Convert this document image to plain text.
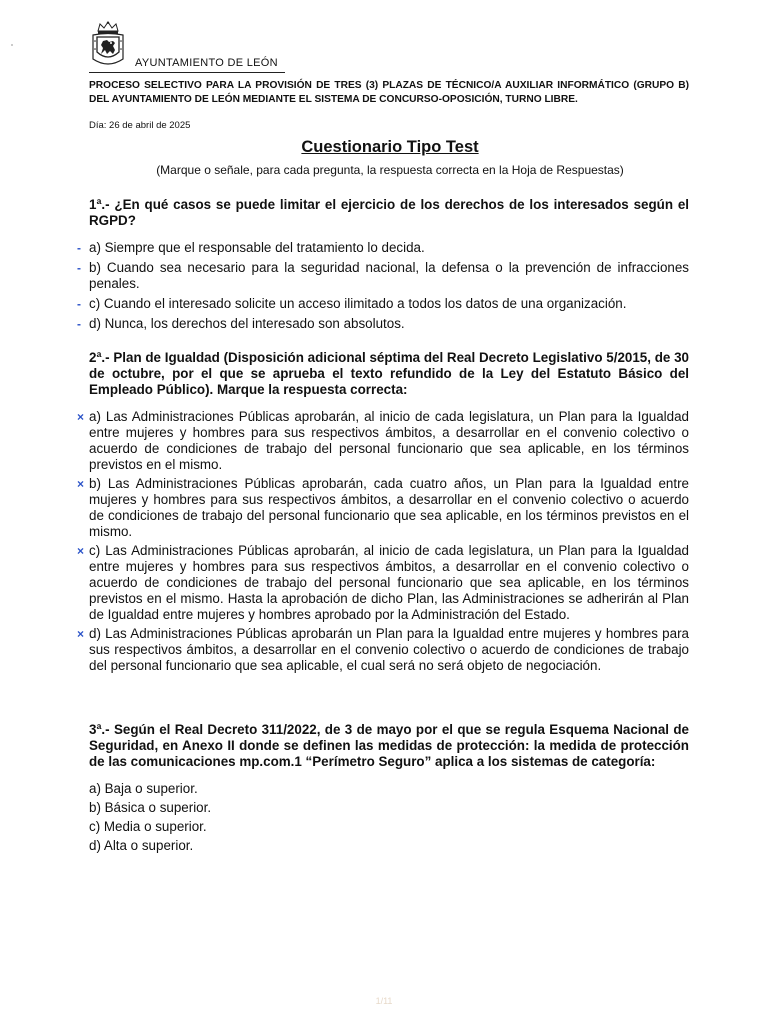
AYUNTAMIENTO DE LEÓN
PROCESO SELECTIVO PARA LA PROVISIÓN DE TRES (3) PLAZAS DE TÉCNICO/A AUXILIAR INFORMÁTICO (GRUPO B) DEL AYUNTAMIENTO DE LEÓN MEDIANTE EL SISTEMA DE CONCURSO-OPOSICIÓN, TURNO LIBRE.
Día: 26 de abril de 2025
Cuestionario Tipo Test
(Marque o señale, para cada pregunta, la respuesta correcta en la Hoja de Respuestas)

1ª.- ¿En qué casos se puede limitar el ejercicio de los derechos de los interesados según el RGPD?

- a) Siempre que el responsable del tratamiento lo decida.
- b) Cuando sea necesario para la seguridad nacional, la defensa o la prevención de infracciones penales.
- c) Cuando el interesado solicite un acceso ilimitado a todos los datos de una organización.
- d) Nunca, los derechos del interesado son absolutos.

2ª.- Plan de Igualdad (Disposición adicional séptima del Real Decreto Legislativo 5/2015, de 30 de octubre, por el que se aprueba el texto refundido de la Ley del Estatuto Básico del Empleado Público). Marque la respuesta correcta:

× a) Las Administraciones Públicas aprobarán, al inicio de cada legislatura, un Plan para la Igualdad entre mujeres y hombres para sus respectivos ámbitos, a desarrollar en el convenio colectivo o acuerdo de condiciones de trabajo del personal funcionario que sea aplicable, en los términos previstos en el mismo.
× b) Las Administraciones Públicas aprobarán, cada cuatro años, un Plan para la Igualdad entre mujeres y hombres para sus respectivos ámbitos, a desarrollar en el convenio colectivo o acuerdo de condiciones de trabajo del personal funcionario que sea aplicable, en los términos previstos en el mismo.
× c) Las Administraciones Públicas aprobarán, al inicio de cada legislatura, un Plan para la Igualdad entre mujeres y hombres para sus respectivos ámbitos, a desarrollar en el convenio colectivo o acuerdo de condiciones de trabajo del personal funcionario que sea aplicable, en los términos previstos en el mismo. Hasta la aprobación de dicho Plan, las Administraciones se adherirán al Plan de Igualdad entre mujeres y hombres aprobado por la Administración del Estado.
× d) Las Administraciones Públicas aprobarán un Plan para la Igualdad entre mujeres y hombres para sus respectivos ámbitos, a desarrollar en el convenio colectivo o acuerdo de condiciones de trabajo del personal funcionario que sea aplicable, el cual será no será objeto de negociación.

3ª.- Según el Real Decreto 311/2022, de 3 de mayo por el que se regula Esquema Nacional de Seguridad, en Anexo II donde se definen las medidas de protección: la medida de protección de las comunicaciones mp.com.1 “Perímetro Seguro” aplica a los sistemas de categoría:

a) Baja o superior.
b) Básica o superior.
c) Media o superior.
d) Alta o superior.
1/11
